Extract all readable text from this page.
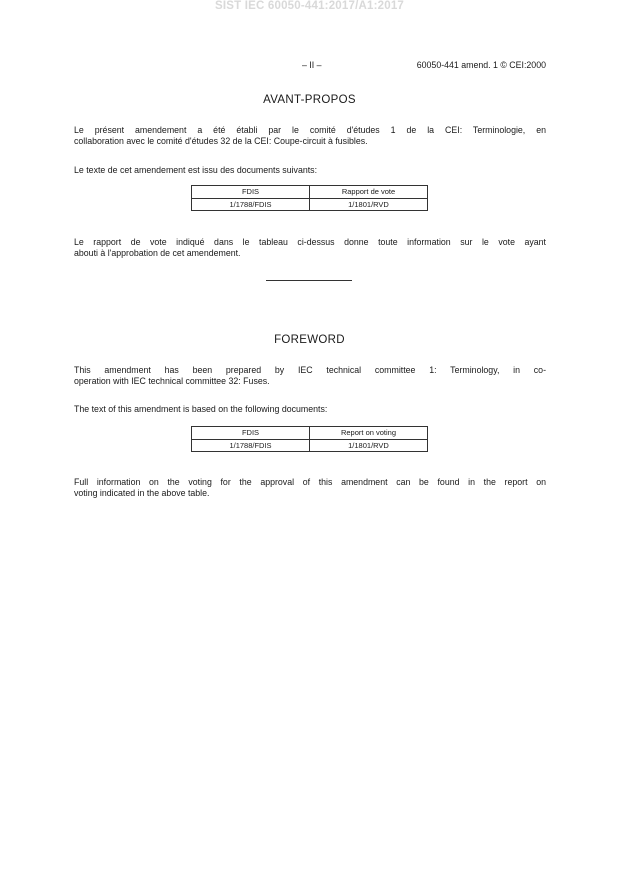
SIST IEC 60050-441:2017/A1:2017
– II –	60050-441 amend. 1 © CEI:2000
AVANT-PROPOS
Le présent amendement a été établi par le comité d'études 1 de la CEI: Terminologie, en
collaboration avec le comité d'études 32 de la CEI: Coupe-circuit à fusibles.
Le texte de cet amendement est issu des documents suivants:
FDIS	Rapport de vote
1/1788/FDIS	1/1801/RVD
Le rapport de vote indiqué dans le tableau ci-dessus donne toute information sur le vote ayant
abouti à l'approbation de cet amendement.
FOREWORD
This amendment has been prepared by IEC technical committee 1: Terminology, in co-
operation with IEC technical committee 32: Fuses.
The text of this amendment is based on the following documents:
FDIS	Report on voting
1/1788/FDIS	1/1801/RVD
Full information on the voting for the approval of this amendment can be found in the report on
voting indicated in the above table.
